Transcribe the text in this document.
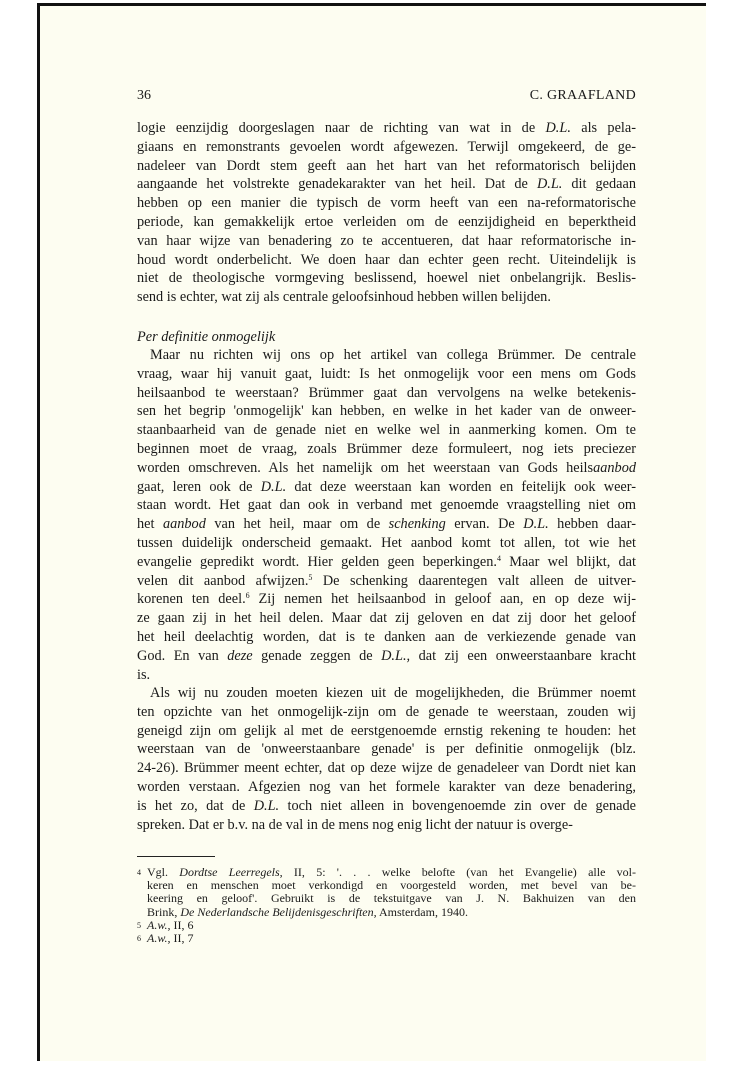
36	C. GRAAFLAND
logie eenzijdig doorgeslagen naar de richting van wat in de D.L. als pela-
giaans en remonstrants gevoelen wordt afgewezen. Terwijl omgekeerd, de ge-
nadeleer van Dordt stem geeft aan het hart van het reformatorisch belijden
aangaande het volstrekte genadekarakter van het heil. Dat de D.L. dit gedaan
hebben op een manier die typisch de vorm heeft van een na-reformatorische
periode, kan gemakkelijk ertoe verleiden om de eenzijdigheid en beperktheid
van haar wijze van benadering zo te accentueren, dat haar reformatorische in-
houd wordt onderbelicht. We doen haar dan echter geen recht. Uiteindelijk is
niet de theologische vormgeving beslissend, hoewel niet onbelangrijk. Beslis-
send is echter, wat zij als centrale geloofsinhoud hebben willen belijden.
Per definitie onmogelijk
Maar nu richten wij ons op het artikel van collega Brümmer. De centrale
vraag, waar hij vanuit gaat, luidt: Is het onmogelijk voor een mens om Gods
heilsaanbod te weerstaan? Brümmer gaat dan vervolgens na welke betekenis-
sen het begrip 'onmogelijk' kan hebben, en welke in het kader van de onweer-
staanbaarheid van de genade niet en welke wel in aanmerking komen. Om te
beginnen moet de vraag, zoals Brümmer deze formuleert, nog iets preciezer
worden omschreven. Als het namelijk om het weerstaan van Gods heilsaanbod
gaat, leren ook de D.L. dat deze weerstaan kan worden en feitelijk ook weer-
staan wordt. Het gaat dan ook in verband met genoemde vraagstelling niet om
het aanbod van het heil, maar om de schenking ervan. De D.L. hebben daar-
tussen duidelijk onderscheid gemaakt. Het aanbod komt tot allen, tot wie het
evangelie gepredikt wordt. Hier gelden geen beperkingen.$^4$ Maar wel blijkt, dat
velen dit aanbod afwijzen.$^5$ De schenking daarentegen valt alleen de uitver-
korenen ten deel.$^6$ Zij nemen het heilsaanbod in geloof aan, en op deze wij-
ze gaan zij in het heil delen. Maar dat zij geloven en dat zij door het geloof
het heil deelachtig worden, dat is te danken aan de verkiezende genade van
God. En van deze genade zeggen de D.L., dat zij een onweerstaanbare kracht
is.
Als wij nu zouden moeten kiezen uit de mogelijkheden, die Brümmer noemt
ten opzichte van het onmogelijk-zijn om de genade te weerstaan, zouden wij
geneigd zijn om gelijk al met de eerstgenoemde ernstig rekening te houden: het
weerstaan van de 'onweerstaanbare genade' is per definitie onmogelijk (blz.
24-26). Brümmer meent echter, dat op deze wijze de genadeleer van Dordt niet kan
worden verstaan. Afgezien nog van het formele karakter van deze benadering,
is het zo, dat de D.L. toch niet alleen in bovengenoemde zin over de genade
spreken. Dat er b.v. na de val in de mens nog enig licht der natuur is overge-
4 Vgl. Dordtse Leerregels, II, 5: '. . . welke belofte (van het Evangelie) alle vol-
keren en menschen moet verkondigd en voorgesteld worden, met bevel van be-
keering en geloof'. Gebruikt is de tekstuitgave van J. N. Bakhuizen van den
Brink, De Nederlandsche Belijdenisgeschriften, Amsterdam, 1940.
5 A.w., II, 6
6 A.w., II, 7
